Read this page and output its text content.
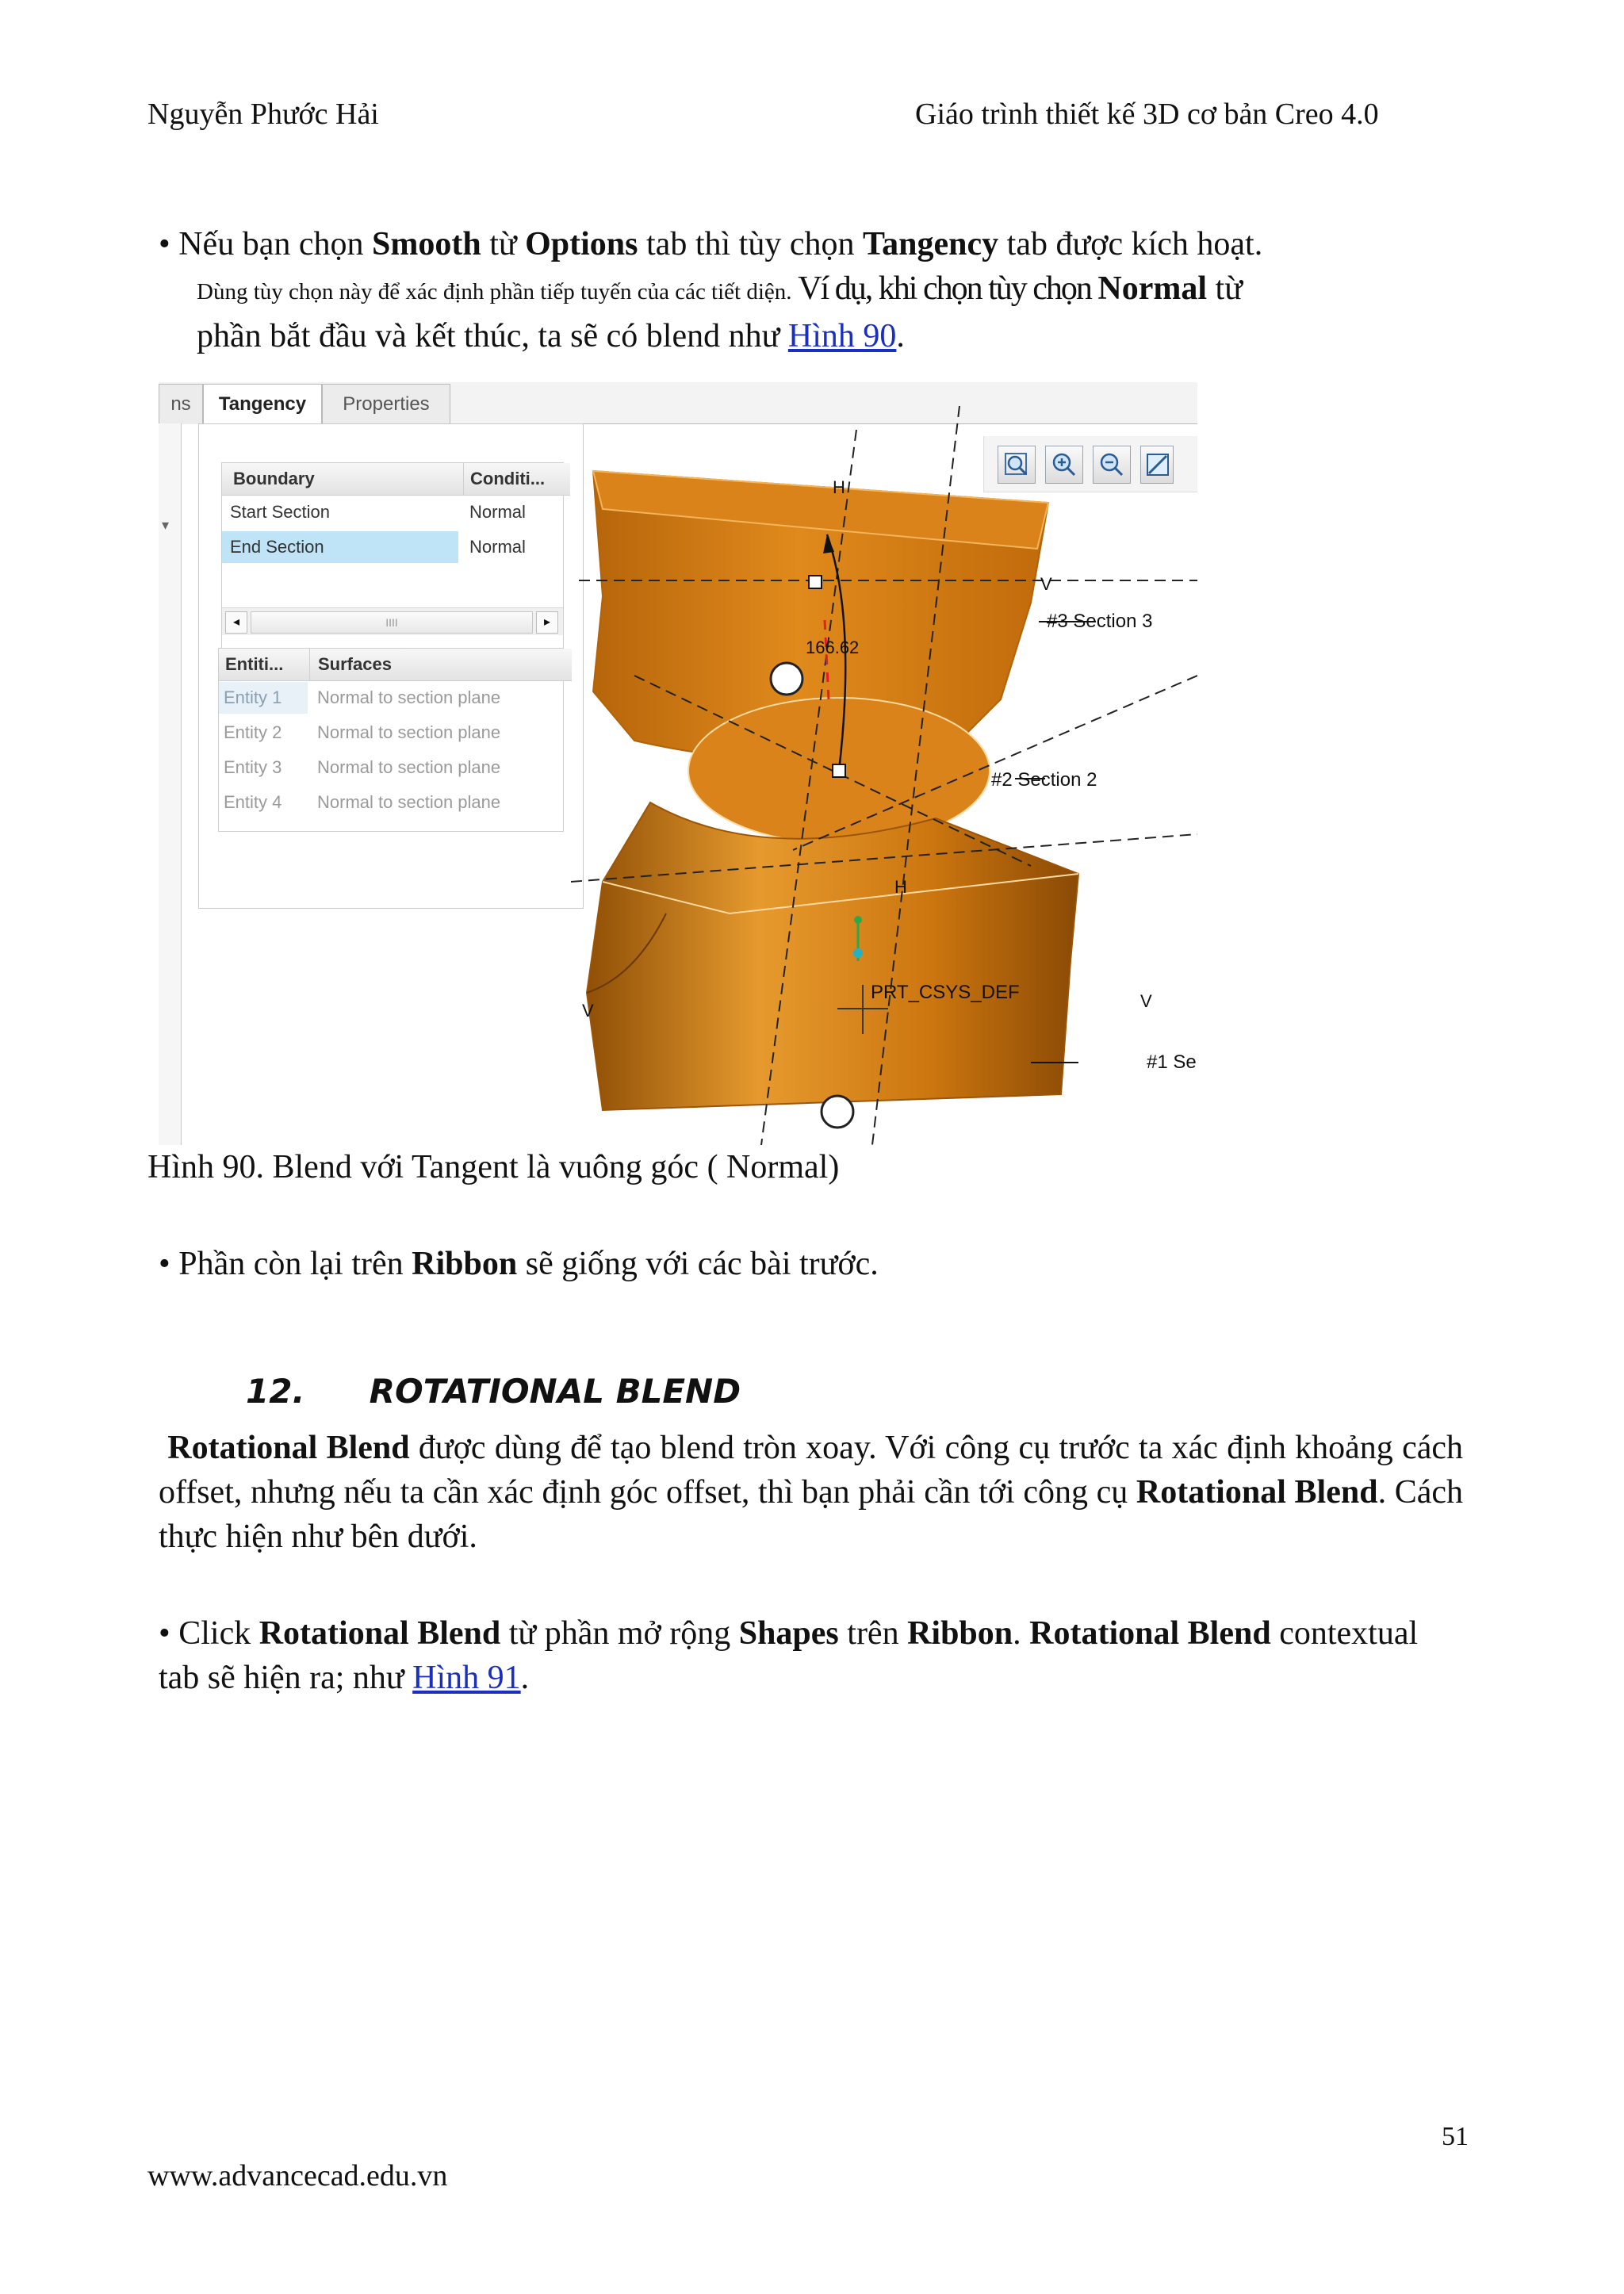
Nguyễn Phước Hải	Giáo trình thiết kế 3D cơ bản Creo 4.0
• Nếu bạn chọn Smooth từ Options tab thì tùy chọn Tangency tab được kích hoạt.
Dùng tùy chọn này để xác định phần tiếp tuyến của các tiết diện. Ví dụ, khi chọn tùy chọn Normal từ
phần bắt đầu và kết thúc, ta sẽ có blend như Hình 90.
ns	Tangency	Properties
▾
Boundary	Conditi...
Start Section	Normal
End Section	Normal
◂	IIII	▸
Entiti...	Surfaces
Entity 1	Normal to section plane
Entity 2	Normal to section plane
Entity 3	Normal to section plane
Entity 4	Normal to section plane
166.62
#3 Section 3
#2 Section 2
#1 Se
PRT_CSYS_DEF
H
H
V
V	V
Hình 90. Blend với Tangent là vuông góc ( Normal)
• Phần còn lại trên Ribbon sẽ giống với các bài trước.
12. ROTATIONAL BLEND
Rotational Blend được dùng để tạo blend tròn xoay. Với công cụ trước ta xác định khoảng cách offset, nhưng nếu ta cần xác định góc offset, thì bạn phải cần tới công cụ Rotational Blend. Cách thực hiện như bên dưới.
• Click Rotational Blend từ phần mở rộng Shapes trên Ribbon. Rotational Blend contextual tab sẽ hiện ra; như Hình 91.
51
www.advancecad.edu.vn
